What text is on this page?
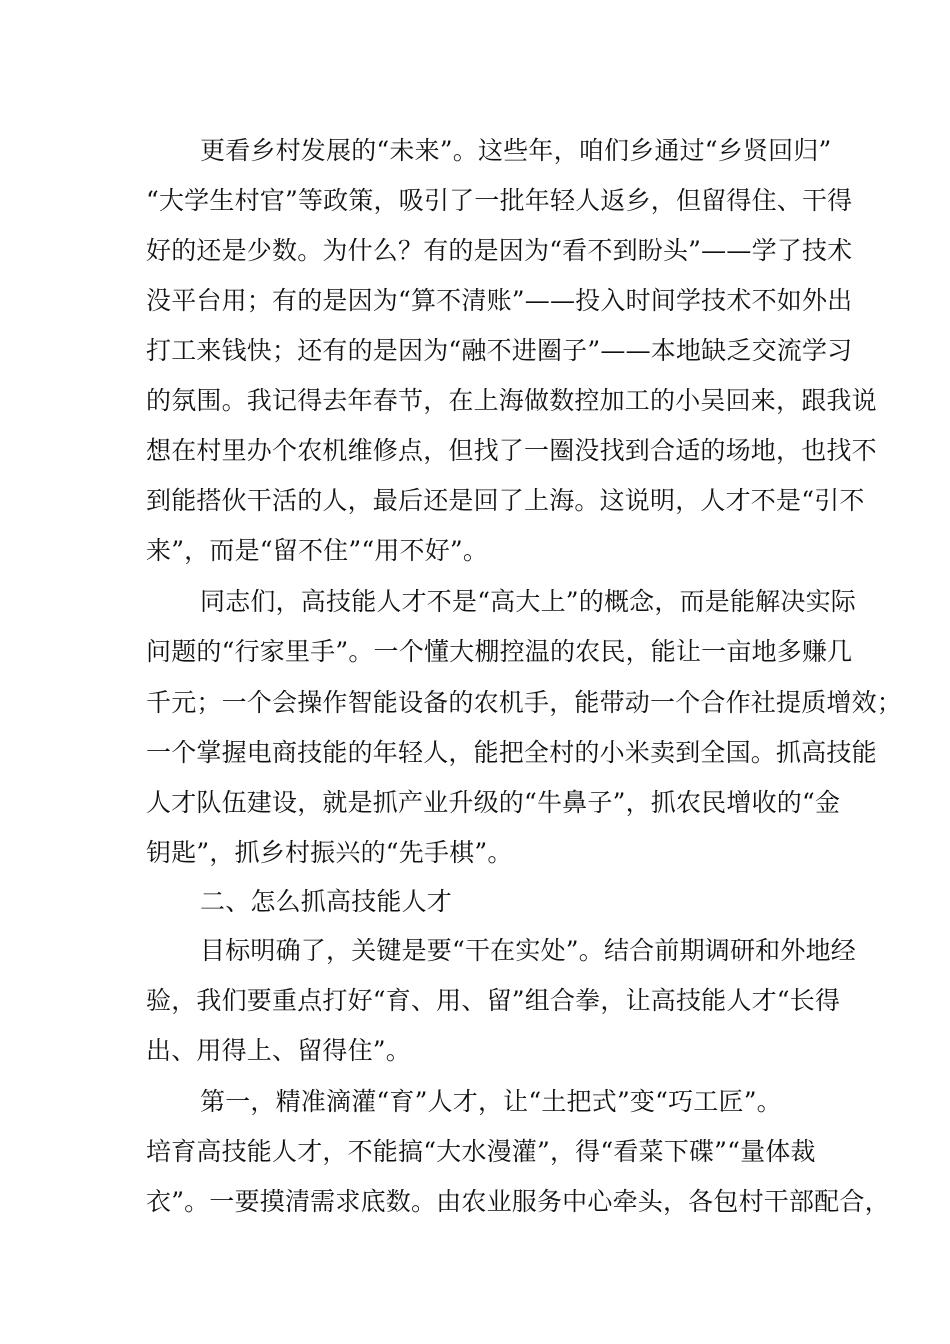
更看乡村发展的“未来”。这些年，咱们乡通过“乡贤回归”
“大学生村官”等政策，吸引了一批年轻人返乡，但留得住、干得
好的还是少数。为什么？有的是因为“看不到盼头”——学了技术
没平台用；有的是因为“算不清账”——投入时间学技术不如外出
打工来钱快；还有的是因为“融不进圈子”——本地缺乏交流学习
的氛围。我记得去年春节，在上海做数控加工的小吴回来，跟我说
想在村里办个农机维修点，但找了一圈没找到合适的场地，也找不
到能搭伙干活的人，最后还是回了上海。这说明，人才不是“引不
来”，而是“留不住”“用不好”。
同志们，高技能人才不是“高大上”的概念，而是能解决实际
问题的“行家里手”。一个懂大棚控温的农民，能让一亩地多赚几
千元；一个会操作智能设备的农机手，能带动一个合作社提质增效；
一个掌握电商技能的年轻人，能把全村的小米卖到全国。抓高技能
人才队伍建设，就是抓产业升级的“牛鼻子”，抓农民增收的“金
钥匙”，抓乡村振兴的“先手棋”。
二、怎么抓高技能人才
目标明确了，关键是要“干在实处”。结合前期调研和外地经
验，我们要重点打好“育、用、留”组合拳，让高技能人才“长得
出、用得上、留得住”。
第一，精准滴灌“育”人才，让“土把式”变“巧工匠”。
培育高技能人才，不能搞“大水漫灌”，得“看菜下碟”“量体裁
衣”。一要摸清需求底数。由农业服务中心牵头，各包村干部配合，
